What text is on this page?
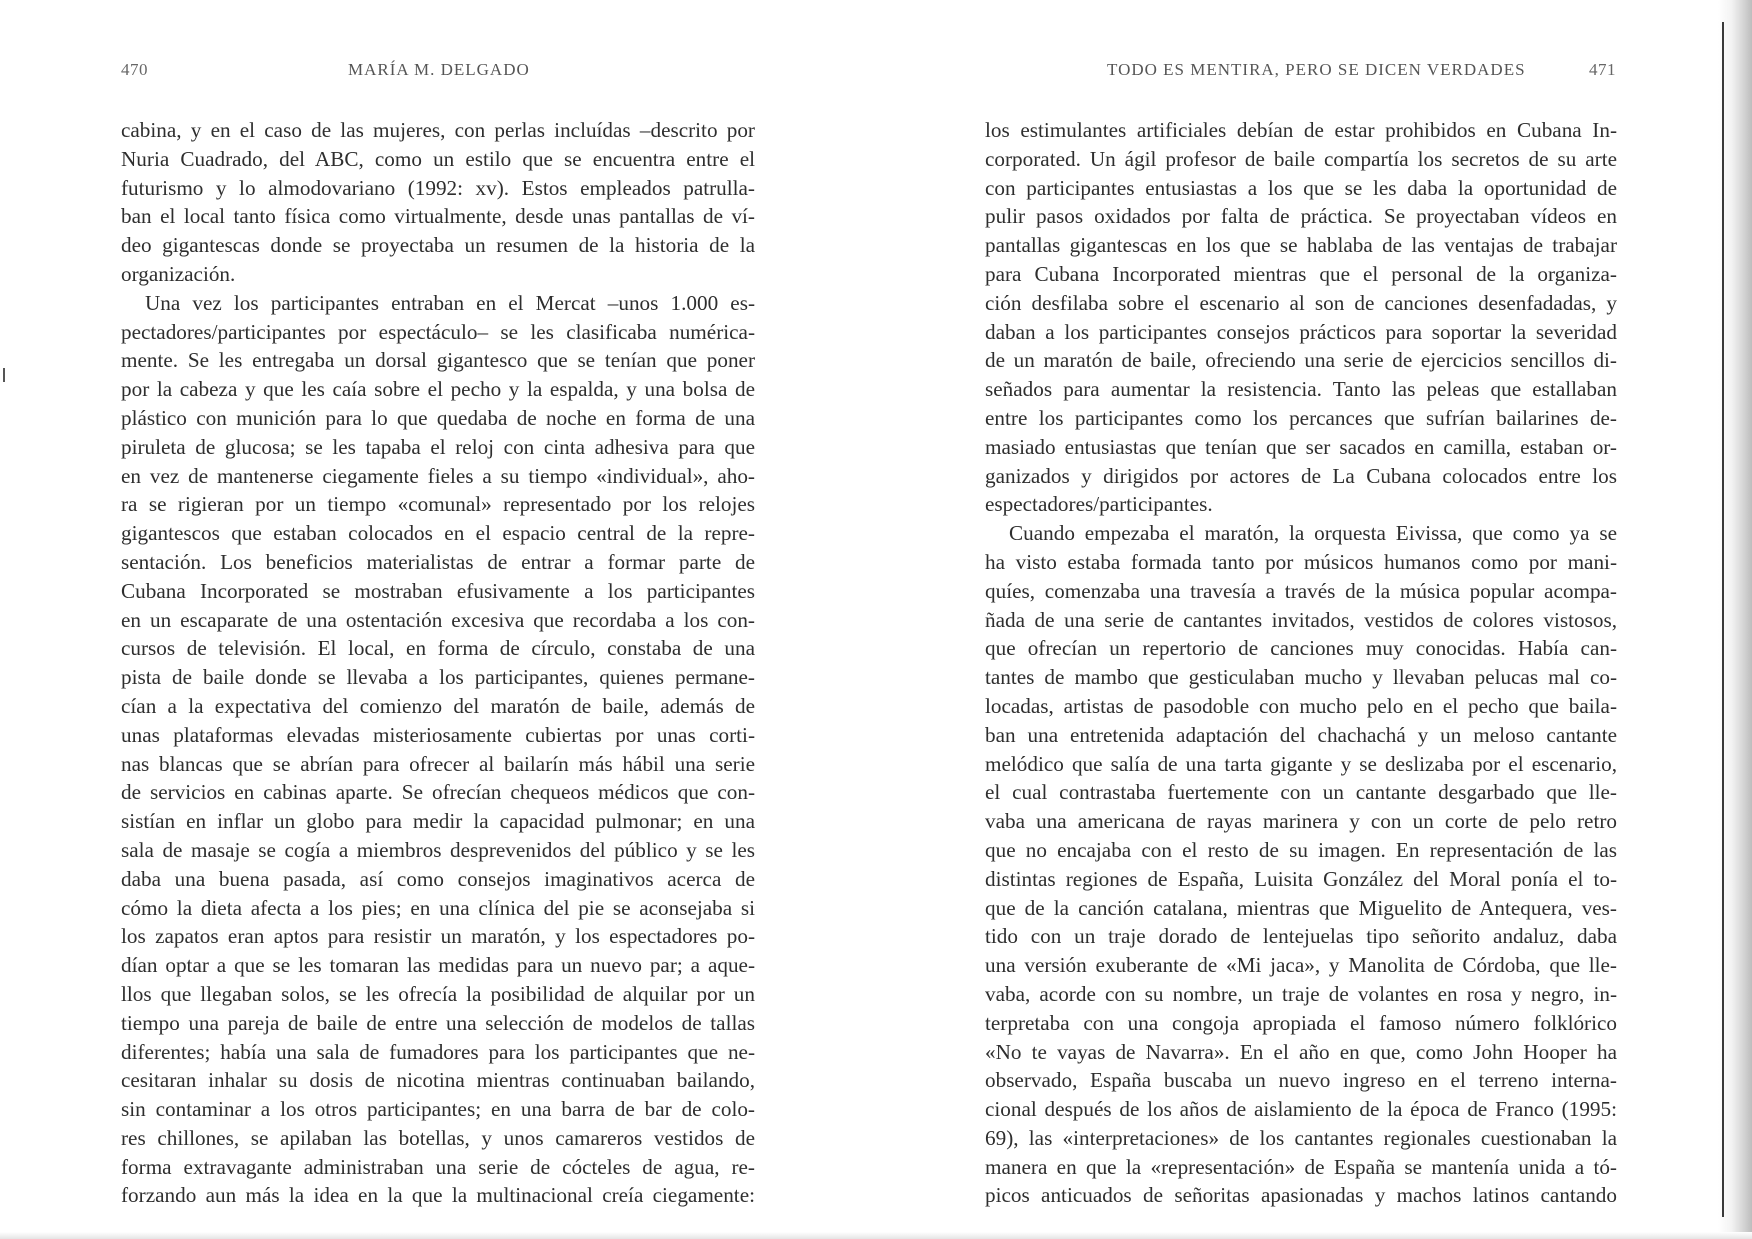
470	MARÍA M. DELGADO
cabina, y en el caso de las mujeres, con perlas incluídas –descrito por
Nuria Cuadrado, del ABC, como un estilo que se encuentra entre el
futurismo y lo almodovariano (1992: xv). Estos empleados patrulla-
ban el local tanto física como virtualmente, desde unas pantallas de ví-
deo gigantescas donde se proyectaba un resumen de la historia de la
organización.
Una vez los participantes entraban en el Mercat –unos 1.000 es-
pectadores/participantes por espectáculo– se les clasificaba numérica-
mente. Se les entregaba un dorsal gigantesco que se tenían que poner
por la cabeza y que les caía sobre el pecho y la espalda, y una bolsa de
plástico con munición para lo que quedaba de noche en forma de una
piruleta de glucosa; se les tapaba el reloj con cinta adhesiva para que
en vez de mantenerse ciegamente fieles a su tiempo «individual», aho-
ra se rigieran por un tiempo «comunal» representado por los relojes
gigantescos que estaban colocados en el espacio central de la repre-
sentación. Los beneficios materialistas de entrar a formar parte de
Cubana Incorporated se mostraban efusivamente a los participantes
en un escaparate de una ostentación excesiva que recordaba a los con-
cursos de televisión. El local, en forma de círculo, constaba de una
pista de baile donde se llevaba a los participantes, quienes permane-
cían a la expectativa del comienzo del maratón de baile, además de
unas plataformas elevadas misteriosamente cubiertas por unas corti-
nas blancas que se abrían para ofrecer al bailarín más hábil una serie
de servicios en cabinas aparte. Se ofrecían chequeos médicos que con-
sistían en inflar un globo para medir la capacidad pulmonar; en una
sala de masaje se cogía a miembros desprevenidos del público y se les
daba una buena pasada, así como consejos imaginativos acerca de
cómo la dieta afecta a los pies; en una clínica del pie se aconsejaba si
los zapatos eran aptos para resistir un maratón, y los espectadores po-
dían optar a que se les tomaran las medidas para un nuevo par; a aque-
llos que llegaban solos, se les ofrecía la posibilidad de alquilar por un
tiempo una pareja de baile de entre una selección de modelos de tallas
diferentes; había una sala de fumadores para los participantes que ne-
cesitaran inhalar su dosis de nicotina mientras continuaban bailando,
sin contaminar a los otros participantes; en una barra de bar de colo-
res chillones, se apilaban las botellas, y unos camareros vestidos de
forma extravagante administraban una serie de cócteles de agua, re-
forzando aun más la idea en la que la multinacional creía ciegamente:
TODO ES MENTIRA, PERO SE DICEN VERDADES	471
los estimulantes artificiales debían de estar prohibidos en Cubana In-
corporated. Un ágil profesor de baile compartía los secretos de su arte
con participantes entusiastas a los que se les daba la oportunidad de
pulir pasos oxidados por falta de práctica. Se proyectaban vídeos en
pantallas gigantescas en los que se hablaba de las ventajas de trabajar
para Cubana Incorporated mientras que el personal de la organiza-
ción desfilaba sobre el escenario al son de canciones desenfadadas, y
daban a los participantes consejos prácticos para soportar la severidad
de un maratón de baile, ofreciendo una serie de ejercicios sencillos di-
señados para aumentar la resistencia. Tanto las peleas que estallaban
entre los participantes como los percances que sufrían bailarines de-
masiado entusiastas que tenían que ser sacados en camilla, estaban or-
ganizados y dirigidos por actores de La Cubana colocados entre los
espectadores/participantes.
Cuando empezaba el maratón, la orquesta Eivissa, que como ya se
ha visto estaba formada tanto por músicos humanos como por mani-
quíes, comenzaba una travesía a través de la música popular acompa-
ñada de una serie de cantantes invitados, vestidos de colores vistosos,
que ofrecían un repertorio de canciones muy conocidas. Había can-
tantes de mambo que gesticulaban mucho y llevaban pelucas mal co-
locadas, artistas de pasodoble con mucho pelo en el pecho que baila-
ban una entretenida adaptación del chachachá y un meloso cantante
melódico que salía de una tarta gigante y se deslizaba por el escenario,
el cual contrastaba fuertemente con un cantante desgarbado que lle-
vaba una americana de rayas marinera y con un corte de pelo retro
que no encajaba con el resto de su imagen. En representación de las
distintas regiones de España, Luisita González del Moral ponía el to-
que de la canción catalana, mientras que Miguelito de Antequera, ves-
tido con un traje dorado de lentejuelas tipo señorito andaluz, daba
una versión exuberante de «Mi jaca», y Manolita de Córdoba, que lle-
vaba, acorde con su nombre, un traje de volantes en rosa y negro, in-
terpretaba con una congoja apropiada el famoso número folklórico
«No te vayas de Navarra». En el año en que, como John Hooper ha
observado, España buscaba un nuevo ingreso en el terreno interna-
cional después de los años de aislamiento de la época de Franco (1995:
69), las «interpretaciones» de los cantantes regionales cuestionaban la
manera en que la «representación» de España se mantenía unida a tó-
picos anticuados de señoritas apasionadas y machos latinos cantando
